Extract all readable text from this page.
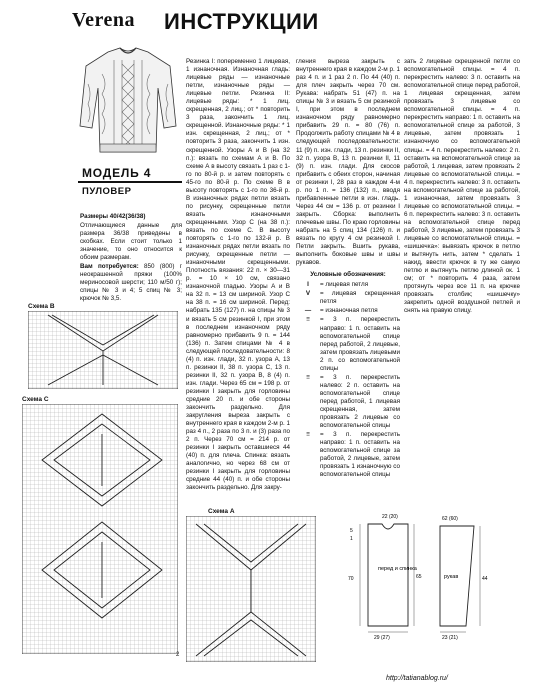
Verena ИНСТРУКЦИИ
МОДЕЛЬ 4
ПУЛОВЕР

Размеры 40/42(36/38)

Отличающиеся данные для размера 36/38 приведены в скобках. Если стоит только 1 значение, то оно относится к обоим размерам.

Вам потребуется: 850 (800) г неокрашенной пряжи (100% мериносовой шерсти; 110 м/50 г); спицы № 3 и 4; 5 спиц № 3; крючок № 3,5.

Резинка I: попеременно 1 лицевая, 1 изнаночная. Изнаночная гладь: лицевые ряды — изнаночные петли, изнаночные ряды — лицевые петли. Резинка II: лицевые ряды: * 1 лиц. скрещенная, 2 лиц.; от * повторить 3 раза, закончить 1 лиц. скрещенной. Изнаночные ряды: * 1 изн. скрещенная, 2 лиц.; от * повторить 3 раза, закончить 1 изн. скрещенной. Узоры А и В (на 32 п.): вязать по схемам А и В. По схеме А в высоту связать 1 раз с 1-го по 80-й р. и затем повторять с 45-го по 80-й р. По схеме В в высоту повторять с 1-го по 36-й р. В изнаночных рядах петли вязать по рисунку, скрещенные петли вязать изнаночными скрещенными. Узор С (на 38 п.): вязать по схеме С. В высоту повторять с 1-го по 132-й р. В изнаночных рядах петли вязать по рисунку, скрещенные петли — изнаночными скрещенными. Плотность вязания: 22 п. × 30—31 р. = 10 × 10 см, связано изнаночной гладью. Узоры А и В на 32 п. = 13 см шириной. Узор С на 38 п. = 16 см шириной. Перед: набрать 135 (127) п. на спицы № 3 и вязать 5 см резинкой I, при этом в последнем изнаночном ряду равномерно прибавить 9 п. = 144 (136) п. Затем спицами № 4 в следующей последовательности: 8 (4) п. изн. глади, 32 п. узора А, 13 п. резинки II, 38 п. узора С, 13 п. резинки II, 32 п. узора В, 8 (4) п. изн. глади. Через 65 см = 198 р. от резинки I закрыть для горловины средние 20 п. и обе стороны закончить раздельно. Для закругления выреза закрыть с внутреннего края в каждом 2-м р. 1 раз 4 п., 2 раза по 3 п. и (3) раза по 2 п. Через 70 см = 214 р. от резинки I закрыть оставшиеся 44 (40) п. для плеча. Спинка: вязать аналогично, но через 68 см от резинки I закрыть для горловины средние 44 (40) п. и обе стороны закончить раздельно. Для закру-

гления выреза закрыть с внутреннего края в каждом 2-м р. 1 раз 4 п. и 1 раз 2 п. По 44 (40) п. для плеч закрыть через 70 см. Рукава: набрать 51 (47) п. на спицы № 3 и вязать 5 см резинкой I, при этом в последнем изнаночном ряду равномерно прибавить 29 п. = 80 (76) п. Продолжить работу спицами № 4 в следующей последовательности: 11 (9) п. изн. глади, 13 п. резинки II, 32 п. узора В, 13 п. резинки II, 11 (9) п. изн. глади. Для скосов прибавить с обеих сторон, начиная от резинки I, 28 раз в каждом 4-м р. по 1 п. = 136 (132) п., вводя прибавленные петли в изн. гладь. Через 44 см = 136 р. от резинки I закрыть. Сборка: выполнить плечевые швы. По краю горловины набрать на 5 спиц 134 (126) п. и вязать по кругу 4 см резинкой I. Петли закрыть. Вшить рукава, выполнить боковые швы и швы рукавов.

Условные обозначения:
I	= лицевая петля
V	= лицевая скрещенная петля
—	= изнаночная петля
≡	= 3 п. перекрестить направо: 1 п. оставить на вспомогательной спице перед работой, 2 лицевые, затем провязать лицевыми 2 п. со вспомогательной спицы
≡	= 3 п. перекрестить налево: 2 п. оставить на вспомогательной спице перед работой, 1 лицевая скрещенная, затем провязать 2 лицевые со вспомогательной спицы
≡	= 3 п. перекрестить направо: 1 п. оставить на вспомогательной спице за работой, 2 лицевые, затем провязать 1 изнаночную со вспомогательной спицы

зать 2 лицевые скрещенной петли со вспомогательной спицы. = 4 п. перекрестить налево: 3 п. оставить на вспомогательной спице перед работой, 1 лицевая скрещенная, затем провязать 3 лицевые со вспомогательной спицы. = 4 п. перекрестить направо: 1 п. оставить на вспомогательной спице за работой, 3 лицевые, затем провязать 1 изнаночную со вспомогательной спицы. = 4 п. перекрестить налево: 2 п. оставить на вспомогательной спице за работой, 1 лицевая, затем провязать 2 лицевые со вспомогательной спицы. = 4 п. перекрестить налево: 3 п. оставить на вспомогательной спице за работой, 1 изнаночная, затем провязать 3 лицевые со вспомогательной спицы. = 6 п. перекрестить налево: 3 п. оставить на вспомогательной спице перед работой, 3 лицевые, затем провязать 3 лицевые со вспомогательной спицы. = «шишечка»: вывязать крючок в петлю и вытянуть нить, затем * сделать 1 накид, ввести крючок в ту же самую петлю и вытянуть петлю длиной ок. 1 см; от * повторить 4 раза, затем протянуть через все 11 п. на крючке провязать столбик; «шишечку» закрепить одной воздушной петлей и снять на правую спицу.

Схема В
Схема С
Схема А
перед и спинка
рукав
22 (20)
29 (27)	23 (21)
5
1
70	65	44
62 (60)
2
http://tatianablog.ru/
